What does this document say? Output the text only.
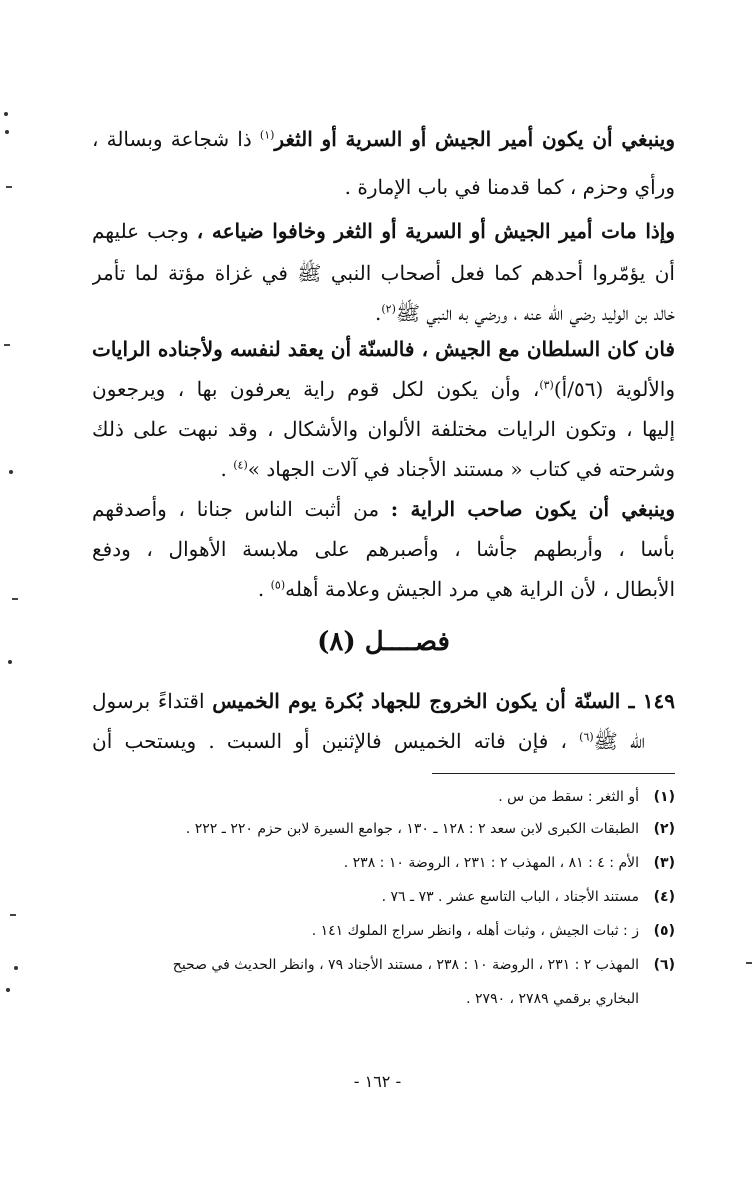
وينبغي أن يكون أمير الجيش أو السرية أو الثغر$^{(١)}$ ذا شجاعة وبسالة ،
ورأي وحزم ، كما قدمنا في باب الإمارة .
وإذا مات أمير الجيش أو السرية أو الثغر وخافوا ضياعه ، وجب عليهم
أن يؤمّروا أحدهم كما فعل أصحاب النبي ﷺ في غزاة مؤتة لما تأمر
خالد بن الوليد رضي الله عنه ، ورضي به النبي ﷺ$^{(٢)}$.
فان كان السلطان مع الجيش ، فالسنّة أن يعقد لنفسه ولأجناده الرايات
والألوية (٥٦/أ)$^{(٣)}$، وأن يكون لكل قوم راية يعرفون بها ، ويرجعون
إليها ، وتكون الرايات مختلفة الألوان والأشكال ، وقد نبهت على ذلك
وشرحته في كتاب « مستند الأجناد في آلات الجهاد »$^{(٤)}$ .
وينبغي أن يكون صاحب الراية : من أثبت الناس جنانا ، وأصدقهم
بأسا ، وأربطهم جأشا ، وأصبرهم على ملابسة الأهوال ، ودفع
الأبطال ، لأن الراية هي مرد الجيش وعلامة أهله$^{(٥)}$ .
فصــــل (٨)
١٤٩ ـ السنّة أن يكون الخروج للجهاد بُكرة يوم الخميس اقتداءً برسول
الله ﷺ$^{(٦)}$ ، فإن فاته الخميس فالإثنين أو السبت . ويستحب أن
(١)أو الثغر : سقط من س .
(٢)الطبقات الكبرى لابن سعد ٢ : ١٢٨ ـ ١٣٠ ، جوامع السيرة لابن حزم ٢٢٠ ـ ٢٢٢ .
(٣)الأم : ٤ : ٨١ ، المهذب ٢ : ٢٣١ ، الروضة ١٠ : ٢٣٨ .
(٤)مستند الأجناد ، الباب التاسع عشر . ٧٣ ـ ٧٦ .
(٥)ز : ثبات الجيش ، وثبات أهله ، وانظر سراج الملوك ١٤١ .
(٦)المهذب ٢ : ٢٣١ ، الروضة ١٠ : ٢٣٨ ، مستند الأجناد ٧٩ ، وانظر الحديث في صحيح
البخاري برقمي ٢٧٨٩ ، ٢٧٩٠ .
- ١٦٢ -
